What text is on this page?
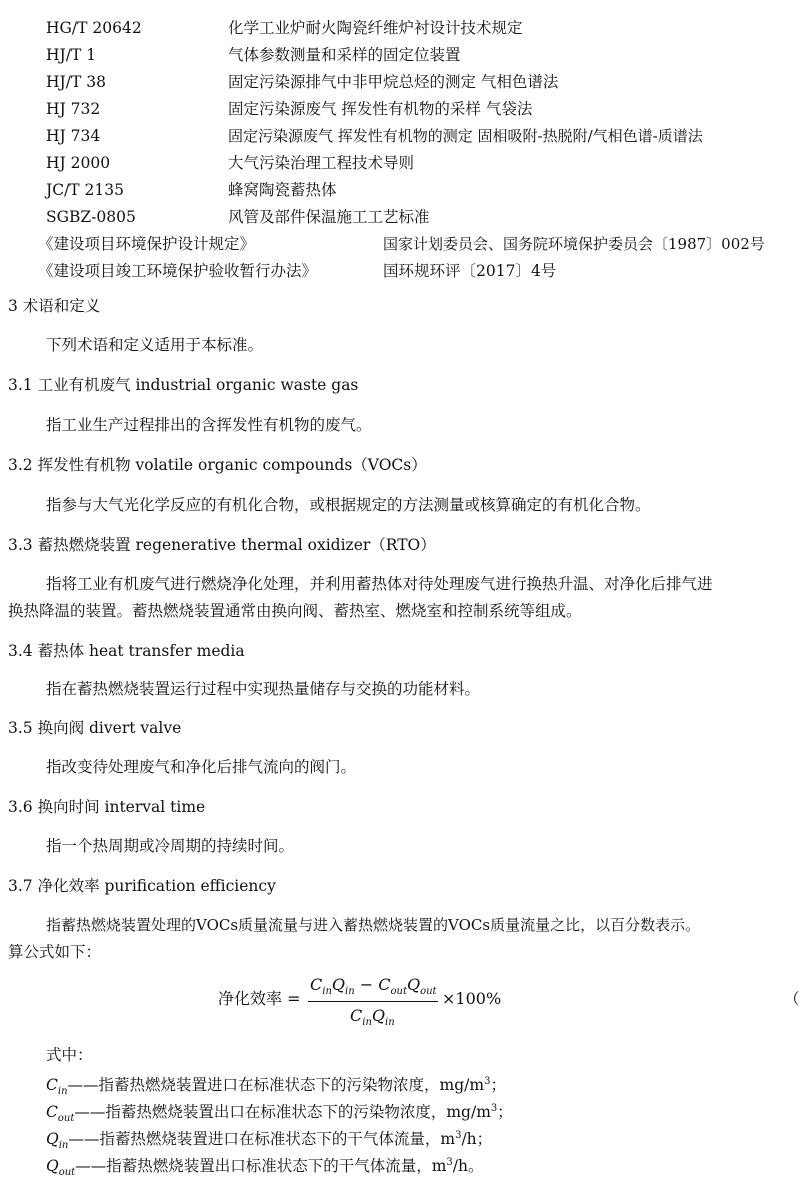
HG/T 20642	化学工业炉耐火陶瓷纤维炉衬设计技术规定
HJ/T 1	气体参数测量和采样的固定位装置
HJ/T 38	固定污染源排气中非甲烷总烃的测定 气相色谱法
HJ 732	固定污染源废气 挥发性有机物的采样 气袋法
HJ 734	固定污染源废气 挥发性有机物的测定 固相吸附-热脱附/气相色谱-质谱法
HJ 2000	大气污染治理工程技术导则
JC/T 2135	蜂窝陶瓷蓄热体
SGBZ-0805	风管及部件保温施工工艺标准
《建设项目环境保护设计规定》	国家计划委员会、国务院环境保护委员会〔1987〕002号
《建设项目竣工环境保护验收暂行办法》	国环规环评〔2017〕4号
3 术语和定义
下列术语和定义适用于本标准。
3.1 工业有机废气 industrial organic waste gas
指工业生产过程排出的含挥发性有机物的废气。
3.2 挥发性有机物 volatile organic compounds（VOCs）
指参与大气光化学反应的有机化合物，或根据规定的方法测量或核算确定的有机化合物。
3.3 蓄热燃烧装置 regenerative thermal oxidizer（RTO）
指将工业有机废气进行燃烧净化处理，并利用蓄热体对待处理废气进行换热升温、对净化后排气进
换热降温的装置。蓄热燃烧装置通常由换向阀、蓄热室、燃烧室和控制系统等组成。
3.4 蓄热体 heat transfer media
指在蓄热燃烧装置运行过程中实现热量储存与交换的功能材料。
3.5 换向阀 divert valve
指改变待处理废气和净化后排气流向的阀门。
3.6 换向时间 interval time
指一个热周期或冷周期的持续时间。
3.7 净化效率 purification efficiency
指蓄热燃烧装置处理的VOCs质量流量与进入蓄热燃烧装置的VOCs质量流量之比，以百分数表示。
算公式如下：
净化效率 =
$C_{in}Q_{in} - C_{out}Q_{out}$
$C_{in}Q_{in}$
×100%	（
式中：
$C_{in}——$指蓄热燃烧装置进口在标准状态下的污染物浓度，$mg/m^3$；
$C_{out}——$指蓄热燃烧装置出口在标准状态下的污染物浓度，$mg/m^3$；
$Q_{in}——$指蓄热燃烧装置进口在标准状态下的干气体流量，$m^3/h$；
$Q_{out}——$指蓄热燃烧装置出口标准状态下的干气体流量，$m^3/h$。
